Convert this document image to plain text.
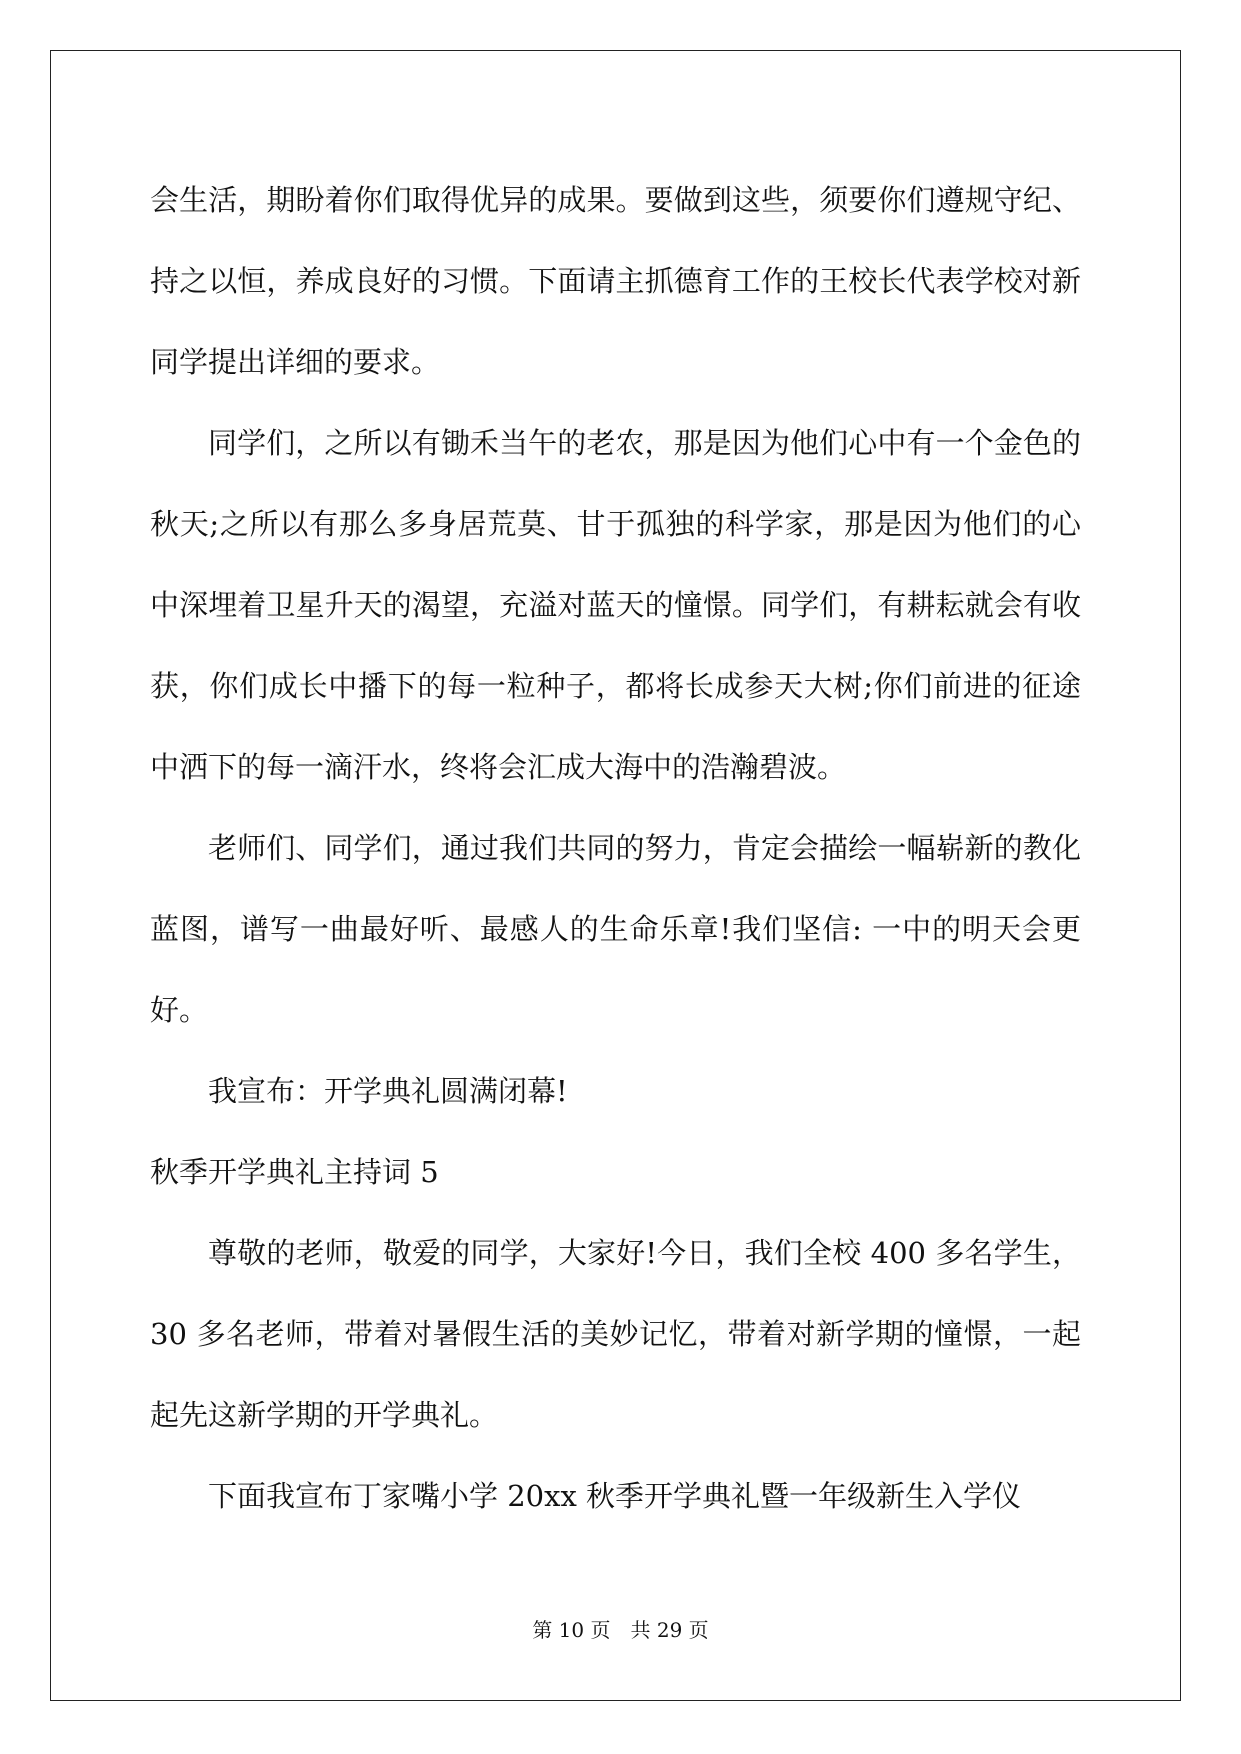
会生活，期盼着你们取得优异的成果。要做到这些，须要你们遵规守纪、持之以恒，养成良好的习惯。下面请主抓德育工作的王校长代表学校对新同学提出详细的要求。

同学们，之所以有锄禾当午的老农，那是因为他们心中有一个金色的秋天;之所以有那么多身居荒莫、甘于孤独的科学家，那是因为他们的心中深埋着卫星升天的渴望，充溢对蓝天的憧憬。同学们，有耕耘就会有收获，你们成长中播下的每一粒种子，都将长成参天大树;你们前进的征途中洒下的每一滴汗水，终将会汇成大海中的浩瀚碧波。

老师们、同学们，通过我们共同的努力，肯定会描绘一幅崭新的教化蓝图，谱写一曲最好听、最感人的生命乐章!我们坚信: 一中的明天会更好。

我宣布：开学典礼圆满闭幕!

秋季开学典礼主持词 5

尊敬的老师，敬爱的同学，大家好!今日，我们全校 400 多名学生，30 多名老师，带着对暑假生活的美妙记忆，带着对新学期的憧憬，一起起先这新学期的开学典礼。

下面我宣布丁家嘴小学 20xx 秋季开学典礼暨一年级新生入学仪

第 10 页　共 29 页
